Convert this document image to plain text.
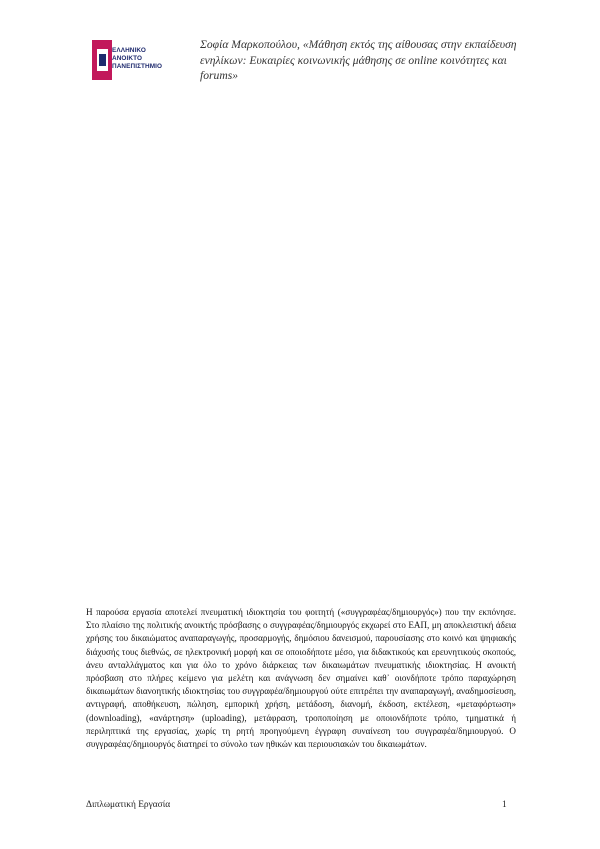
ΕΛΛΗΝΙΚΟ
ΑΝΟΙΚΤΟ
ΠΑΝΕΠΙΣΤΗΜΙΟ
Σοφία Μαρκοπούλου, «Μάθηση εκτός της αίθουσας στην εκπαίδευση ενηλίκων: Ευκαιρίες κοινωνικής μάθησης σε online κοινότητες και forums»
Η παρούσα εργασία αποτελεί πνευματική ιδιοκτησία του φοιτητή («συγγραφέας/δημιουργός») που την εκπόνησε. Στο πλαίσιο της πολιτικής ανοικτής πρόσβασης ο συγγραφέας/δημιουργός εκχωρεί στο ΕΑΠ, μη αποκλειστική άδεια χρήσης του δικαιώματος αναπαραγωγής, προσαρμογής, δημόσιου δανεισμού, παρουσίασης στο κοινό και ψηφιακής διάχυσής τους διεθνώς, σε ηλεκτρονική μορφή και σε οποιοδήποτε μέσο, για διδακτικούς και ερευνητικούς σκοπούς, άνευ ανταλλάγματος και για όλο το χρόνο διάρκειας των δικαιωμάτων πνευματικής ιδιοκτησίας. Η ανοικτή πρόσβαση στο πλήρες κείμενο για μελέτη και ανάγνωση δεν σημαίνει καθ᾽ οιονδήποτε τρόπο παραχώρηση δικαιωμάτων διανοητικής ιδιοκτησίας του συγγραφέα/δημιουργού ούτε επιτρέπει την αναπαραγωγή, αναδημοσίευση, αντιγραφή, αποθήκευση, πώληση, εμπορική χρήση, μετάδοση, διανομή, έκδοση, εκτέλεση, «μεταφόρτωση» (downloading), «ανάρτηση» (uploading), μετάφραση, τροποποίηση με οποιονδήποτε τρόπο, τμηματικά ή περιληπτικά της εργασίας, χωρίς τη ρητή προηγούμενη έγγραφη συναίνεση του συγγραφέα/δημιουργού. Ο συγγραφέας/δημιουργός διατηρεί το σύνολο των ηθικών και περιουσιακών του δικαιωμάτων.
Διπλωματική Εργασία	1
